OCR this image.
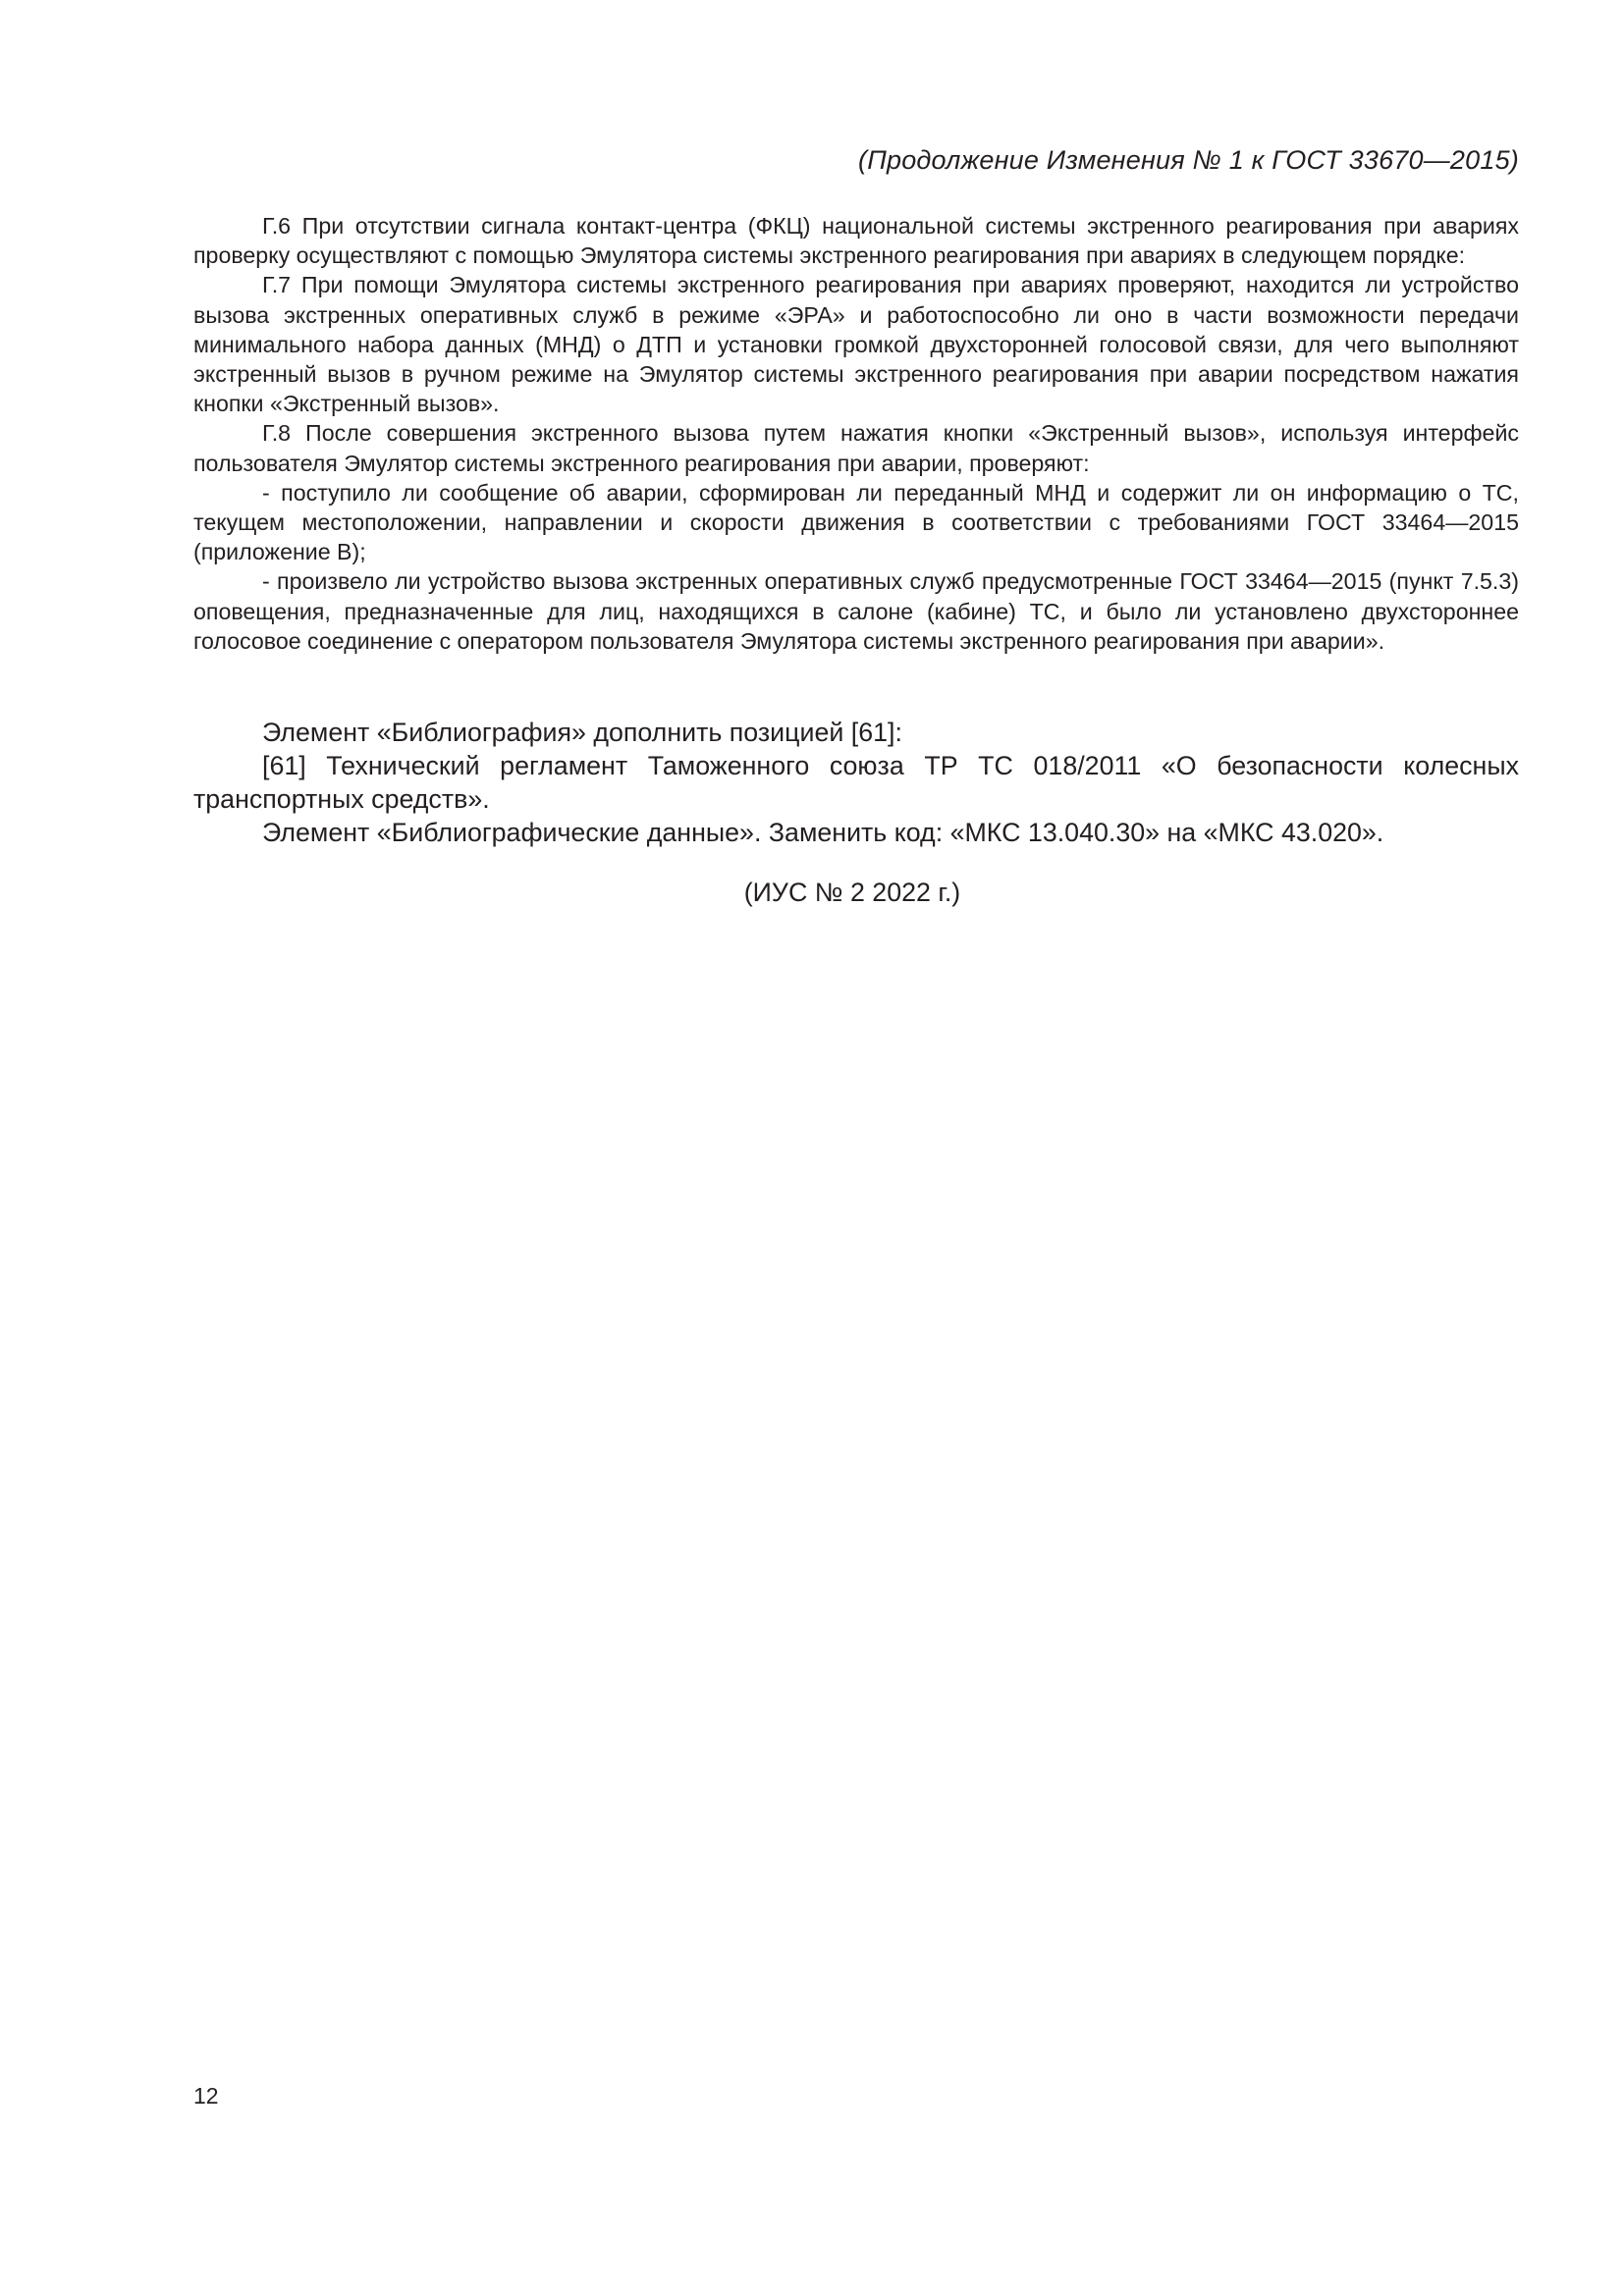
(Продолжение Изменения № 1 к ГОСТ 33670—2015)

Г.6 При отсутствии сигнала контакт-центра (ФКЦ) национальной системы экстренного реагирования при авариях проверку осуществляют с помощью Эмулятора системы экстренного реагирования при авариях в следующем порядке:

Г.7 При помощи Эмулятора системы экстренного реагирования при авариях проверяют, находится ли устройство вызова экстренных оперативных служб в режиме «ЭРА» и работоспособно ли оно в части возможности передачи минимального набора данных (МНД) о ДТП и установки громкой двухсторонней голосовой связи, для чего выполняют экстренный вызов в ручном режиме на Эмулятор системы экстренного реагирования при аварии посредством нажатия кнопки «Экстренный вызов».

Г.8 После совершения экстренного вызова путем нажатия кнопки «Экстренный вызов», используя интерфейс пользователя Эмулятор системы экстренного реагирования при аварии, проверяют:

- поступило ли сообщение об аварии, сформирован ли переданный МНД и содержит ли он информацию о ТС, текущем местоположении, направлении и скорости движения в соответствии с требованиями ГОСТ 33464—2015 (приложение В);

- произвело ли устройство вызова экстренных оперативных служб предусмотренные ГОСТ 33464—2015 (пункт 7.5.3) оповещения, предназначенные для лиц, находящихся в салоне (кабине) ТС, и было ли установлено двухстороннее голосовое соединение с оператором пользователя Эмулятора системы экстренного реагирования при аварии».

Элемент «Библиография» дополнить позицией [61]:

[61] Технический регламент Таможенного союза ТР ТС 018/2011 «О безопасности колесных транспортных средств».

Элемент «Библиографические данные». Заменить код: «МКС 13.040.30» на «МКС 43.020».

(ИУС № 2 2022 г.)
12
